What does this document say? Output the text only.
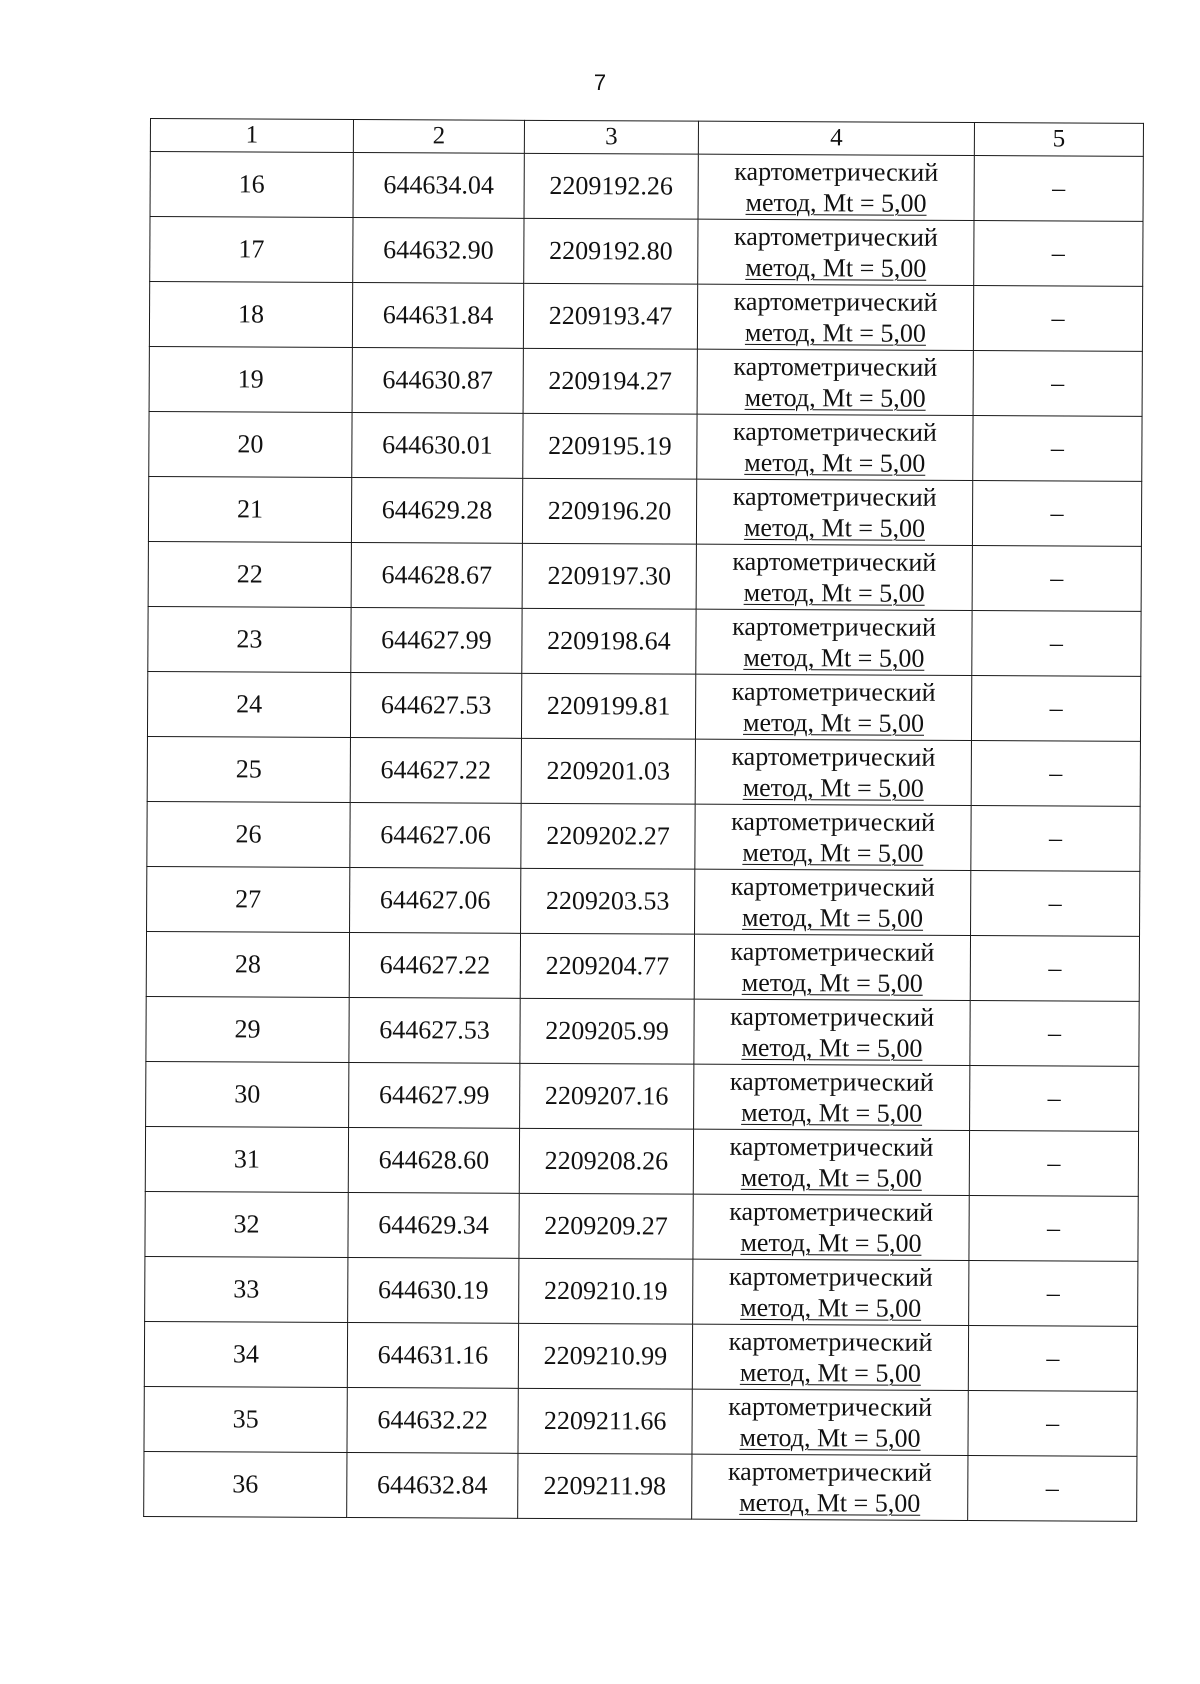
7
1	2	3	4	5
16	644634.04	2209192.26	картометрический
метод, Mt = 5,00	–
17	644632.90	2209192.80	картометрический
метод, Mt = 5,00	–
18	644631.84	2209193.47	картометрический
метод, Mt = 5,00	–
19	644630.87	2209194.27	картометрический
метод, Mt = 5,00	–
20	644630.01	2209195.19	картометрический
метод, Mt = 5,00	–
21	644629.28	2209196.20	картометрический
метод, Mt = 5,00	–
22	644628.67	2209197.30	картометрический
метод, Mt = 5,00	–
23	644627.99	2209198.64	картометрический
метод, Mt = 5,00	–
24	644627.53	2209199.81	картометрический
метод, Mt = 5,00	–
25	644627.22	2209201.03	картометрический
метод, Mt = 5,00	–
26	644627.06	2209202.27	картометрический
метод, Mt = 5,00	–
27	644627.06	2209203.53	картометрический
метод, Mt = 5,00	–
28	644627.22	2209204.77	картометрический
метод, Mt = 5,00	–
29	644627.53	2209205.99	картометрический
метод, Mt = 5,00	–
30	644627.99	2209207.16	картометрический
метод, Mt = 5,00	–
31	644628.60	2209208.26	картометрический
метод, Mt = 5,00	–
32	644629.34	2209209.27	картометрический
метод, Mt = 5,00	–
33	644630.19	2209210.19	картометрический
метод, Mt = 5,00	–
34	644631.16	2209210.99	картометрический
метод, Mt = 5,00	–
35	644632.22	2209211.66	картометрический
метод, Mt = 5,00	–
36	644632.84	2209211.98	картометрический
метод, Mt = 5,00	–
